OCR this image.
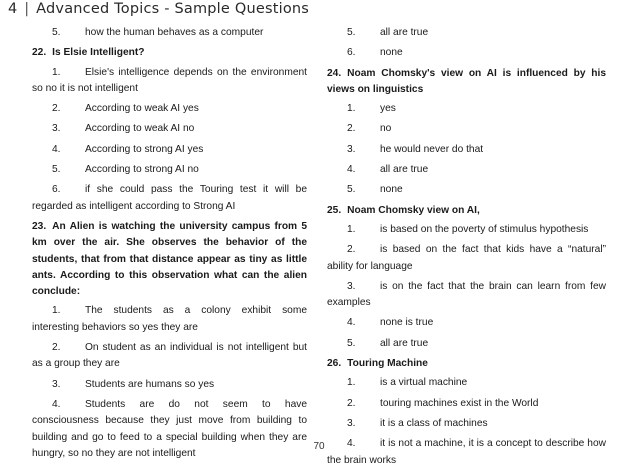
4 | Advanced Topics - Sample Questions
5. how the human behaves as a computer
22. Is Elsie Intelligent?
1. Elsie's intelligence depends on the environment so no it is not intelligent
2. According to weak AI yes
3. According to weak AI no
4. According to strong AI yes
5. According to strong AI no
6. if she could pass the Touring test it will be regarded as intelligent according to Strong AI
23. An Alien is watching the university campus from 5 km over the air. She observes the behavior of the students, that from that distance appear as tiny as little ants. According to this observation what can the alien conclude:
1. The students as a colony exhibit some interesting behaviors so yes they are
2. On student as an individual is not intelligent but as a group they are
3. Students are humans so yes
4. Students are do not seem to have consciousness because they just move from building to building and go to feed to a special building when they are hungry, so no they are not intelligent
5. all are true
6. none
24. Noam Chomsky's view on AI is influenced by his views on linguistics
1. yes
2. no
3. he would never do that
4. all are true
5. none
25. Noam Chomsky view on AI,
1. is based on the poverty of stimulus hypothesis
2. is based on the fact that kids have a “natural” ability for language
3. is on the fact that the brain can learn from few examples
4. none is true
5. all are true
26. Touring Machine
1. is a virtual machine
2. touring machines exist in the World
3. it is a class of machines
4. it is not a machine, it is a concept to describe how the brain works
70
